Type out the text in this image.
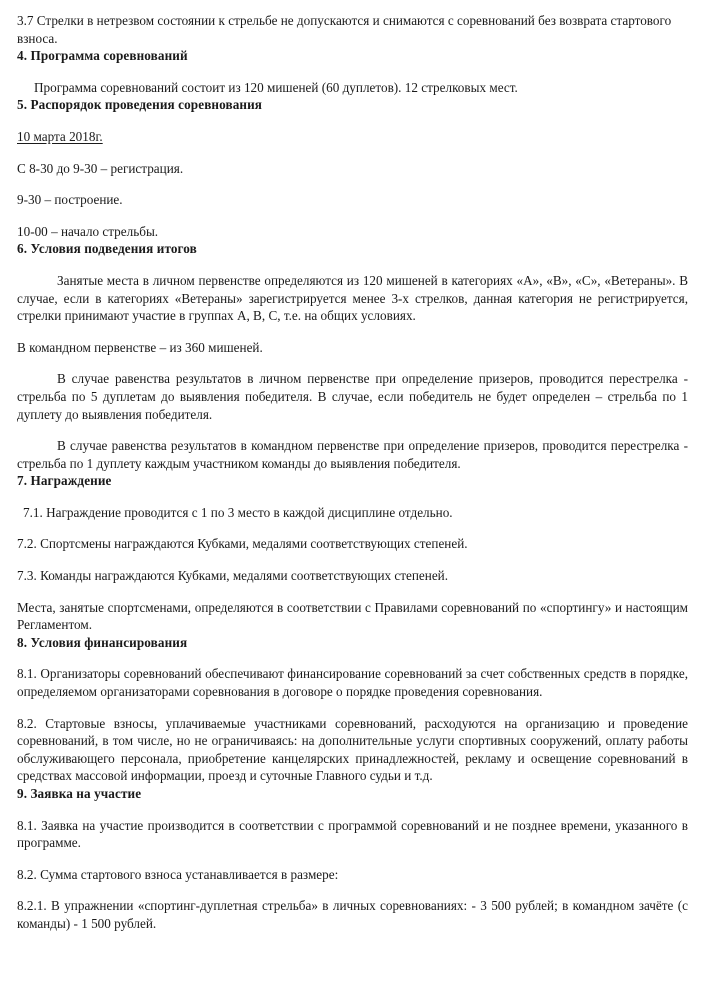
3.7 Стрелки в нетрезвом состоянии к стрельбе не допускаются и снимаются с соревнований без возврата стартового взноса.

4. Программа соревнований

Программа соревнований состоит из 120 мишеней (60 дуплетов). 12 стрелковых мест.

5. Распорядок проведения соревнования

10 марта 2018г.

С 8-30 до 9-30 – регистрация.

9-30 – построение.

10-00 – начало стрельбы.

6. Условия подведения итогов

Занятые места в личном первенстве определяются из 120 мишеней в категориях «А», «В», «С», «Ветераны». В случае, если в категориях «Ветераны» зарегистрируется менее 3-х стрелков, данная категория не регистрируется, стрелки принимают участие в группах А, В, С, т.е. на общих условиях.

В командном первенстве – из 360 мишеней.

В случае равенства результатов в личном первенстве при определение призеров, проводится перестрелка - стрельба по 5 дуплетам до выявления победителя. В случае, если победитель не будет определен – стрельба по 1 дуплету до выявления победителя.

В случае равенства результатов в командном первенстве при определение призеров, проводится перестрелка - стрельба по 1 дуплету каждым участником команды до выявления победителя.

7. Награждение

7.1. Награждение проводится с 1 по 3 место в каждой дисциплине отдельно.

7.2. Спортсмены награждаются Кубками, медалями соответствующих степеней.

7.3. Команды награждаются Кубками, медалями соответствующих степеней.

Места, занятые спортсменами, определяются в соответствии с Правилами соревнований по «спортингу» и настоящим Регламентом.

8. Условия финансирования

8.1. Организаторы соревнований обеспечивают финансирование соревнований за счет собственных средств в порядке, определяемом организаторами соревнования в договоре о порядке проведения соревнования.

8.2. Стартовые взносы, уплачиваемые участниками соревнований, расходуются на организацию и проведение соревнований, в том числе, но не ограничиваясь: на дополнительные услуги спортивных сооружений, оплату работы обслуживающего персонала, приобретение канцелярских принадлежностей, рекламу и освещение соревнований в средствах массовой информации, проезд и суточные Главного судьи и т.д.

9. Заявка на участие

8.1. Заявка на участие производится в соответствии с программой соревнований и не позднее времени, указанного в программе.

8.2. Сумма стартового взноса устанавливается в размере:

8.2.1. В упражнении «спортинг-дуплетная стрельба» в личных соревнованиях: - 3 500 рублей; в командном зачёте (с команды) - 1 500 рублей.
